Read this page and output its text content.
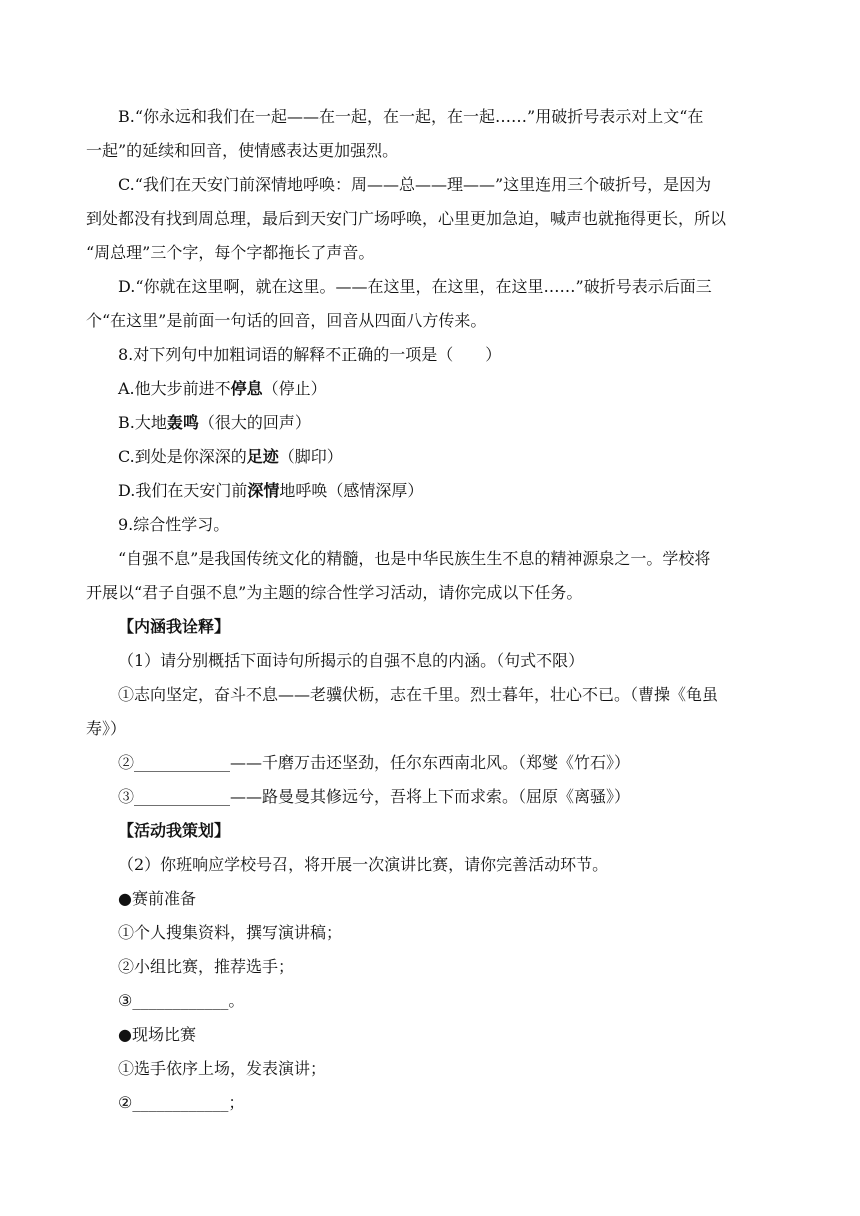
B.“你永远和我们在一起——在一起，在一起，在一起……”用破折号表示对上文“在
一起”的延续和回音，使情感表达更加强烈。
C.“我们在天安门前深情地呼唤：周——总——理——”这里连用三个破折号，是因为
到处都没有找到周总理，最后到天安门广场呼唤，心里更加急迫，喊声也就拖得更长，所以
“周总理”三个字，每个字都拖长了声音。
D.“你就在这里啊，就在这里。——在这里，在这里，在这里……”破折号表示后面三
个“在这里”是前面一句话的回音，回音从四面八方传来。
8.对下列句中加粗词语的解释不正确的一项是（　　）
A.他大步前进不停息（停止）
B.大地轰鸣（很大的回声）
C.到处是你深深的足迹（脚印）
D.我们在天安门前深情地呼唤（感情深厚）
9.综合性学习。
“自强不息”是我国传统文化的精髓，也是中华民族生生不息的精神源泉之一。学校将
开展以“君子自强不息”为主题的综合性学习活动，请你完成以下任务。
【内涵我诠释】
（1）请分别概括下面诗句所揭示的自强不息的内涵。（句式不限）
①志向坚定，奋斗不息——老骥伏枥，志在千里。烈士暮年，壮心不已。（曹操《龟虽
寿》）
②____________——千磨万击还坚劲，任尔东西南北风。（郑燮《竹石》）
③____________——路曼曼其修远兮，吾将上下而求索。（屈原《离骚》）
【活动我策划】
（2）你班响应学校号召，将开展一次演讲比赛，请你完善活动环节。
●赛前准备
①个人搜集资料，撰写演讲稿；
②小组比赛，推荐选手；
③____________。
●现场比赛
①选手依序上场，发表演讲；
②____________；
